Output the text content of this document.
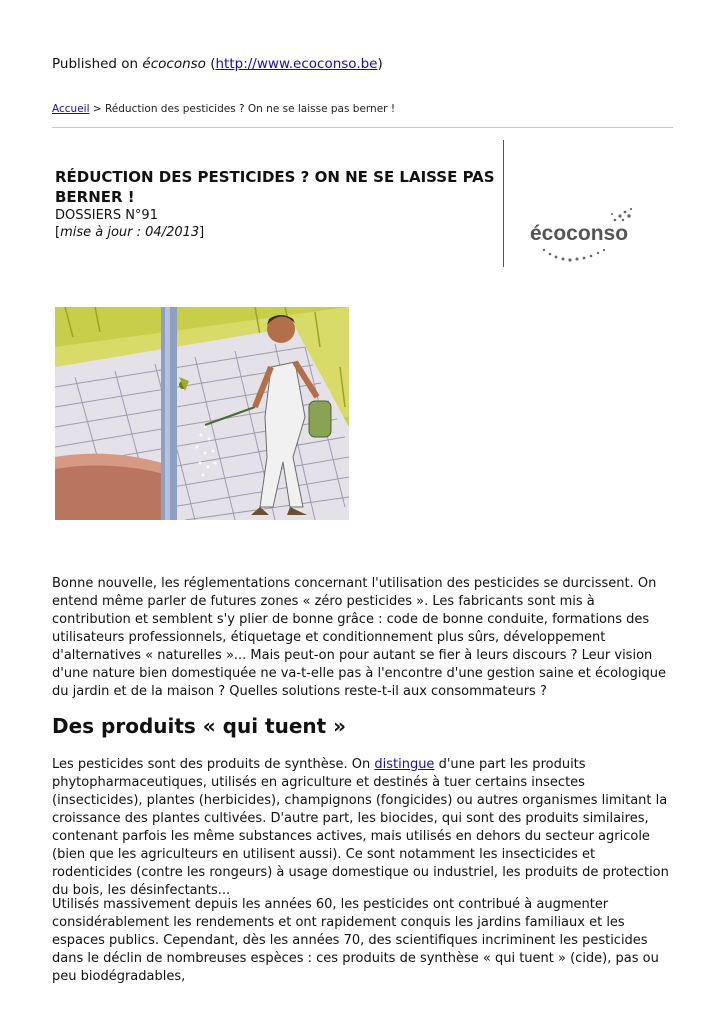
Published on écoconso (http://www.ecoconso.be)
Accueil > Réduction des pesticides ? On ne se laisse pas berner !
RÉDUCTION DES PESTICIDES ? ON NE SE LAISSE PAS BERNER !
DOSSIERS N°91
[mise à jour : 04/2013]	écoconso

Bonne nouvelle, les réglementations concernant l'utilisation des pesticides se durcissent. On entend même parler de futures zones « zéro pesticides ». Les fabricants sont mis à contribution et semblent s'y plier de bonne grâce : code de bonne conduite, formations des utilisateurs professionnels, étiquetage et conditionnement plus sûrs, développement d'alternatives « naturelles »... Mais peut-on pour autant se fier à leurs discours ? Leur vision d'une nature bien domestiquée ne va-t-elle pas à l'encontre d'une gestion saine et écologique du jardin et de la maison ? Quelles solutions reste-t-il aux consommateurs ?

Des produits « qui tuent »

Les pesticides sont des produits de synthèse. On distingue d'une part les produits phytopharmaceutiques, utilisés en agriculture et destinés à tuer certains insectes (insecticides), plantes (herbicides), champignons (fongicides) ou autres organismes limitant la croissance des plantes cultivées. D'autre part, les biocides, qui sont des produits similaires, contenant parfois les même substances actives, mais utilisés en dehors du secteur agricole (bien que les agriculteurs en utilisent aussi). Ce sont notamment les insecticides et rodenticides (contre les rongeurs) à usage domestique ou industriel, les produits de protection du bois, les désinfectants...

Utilisés massivement depuis les années 60, les pesticides ont contribué à augmenter considérablement les rendements et ont rapidement conquis les jardins familiaux et les espaces publics. Cependant, dès les années 70, des scientifiques incriminent les pesticides dans le déclin de nombreuses espèces : ces produits de synthèse « qui tuent » (cide), pas ou peu biodégradables,
